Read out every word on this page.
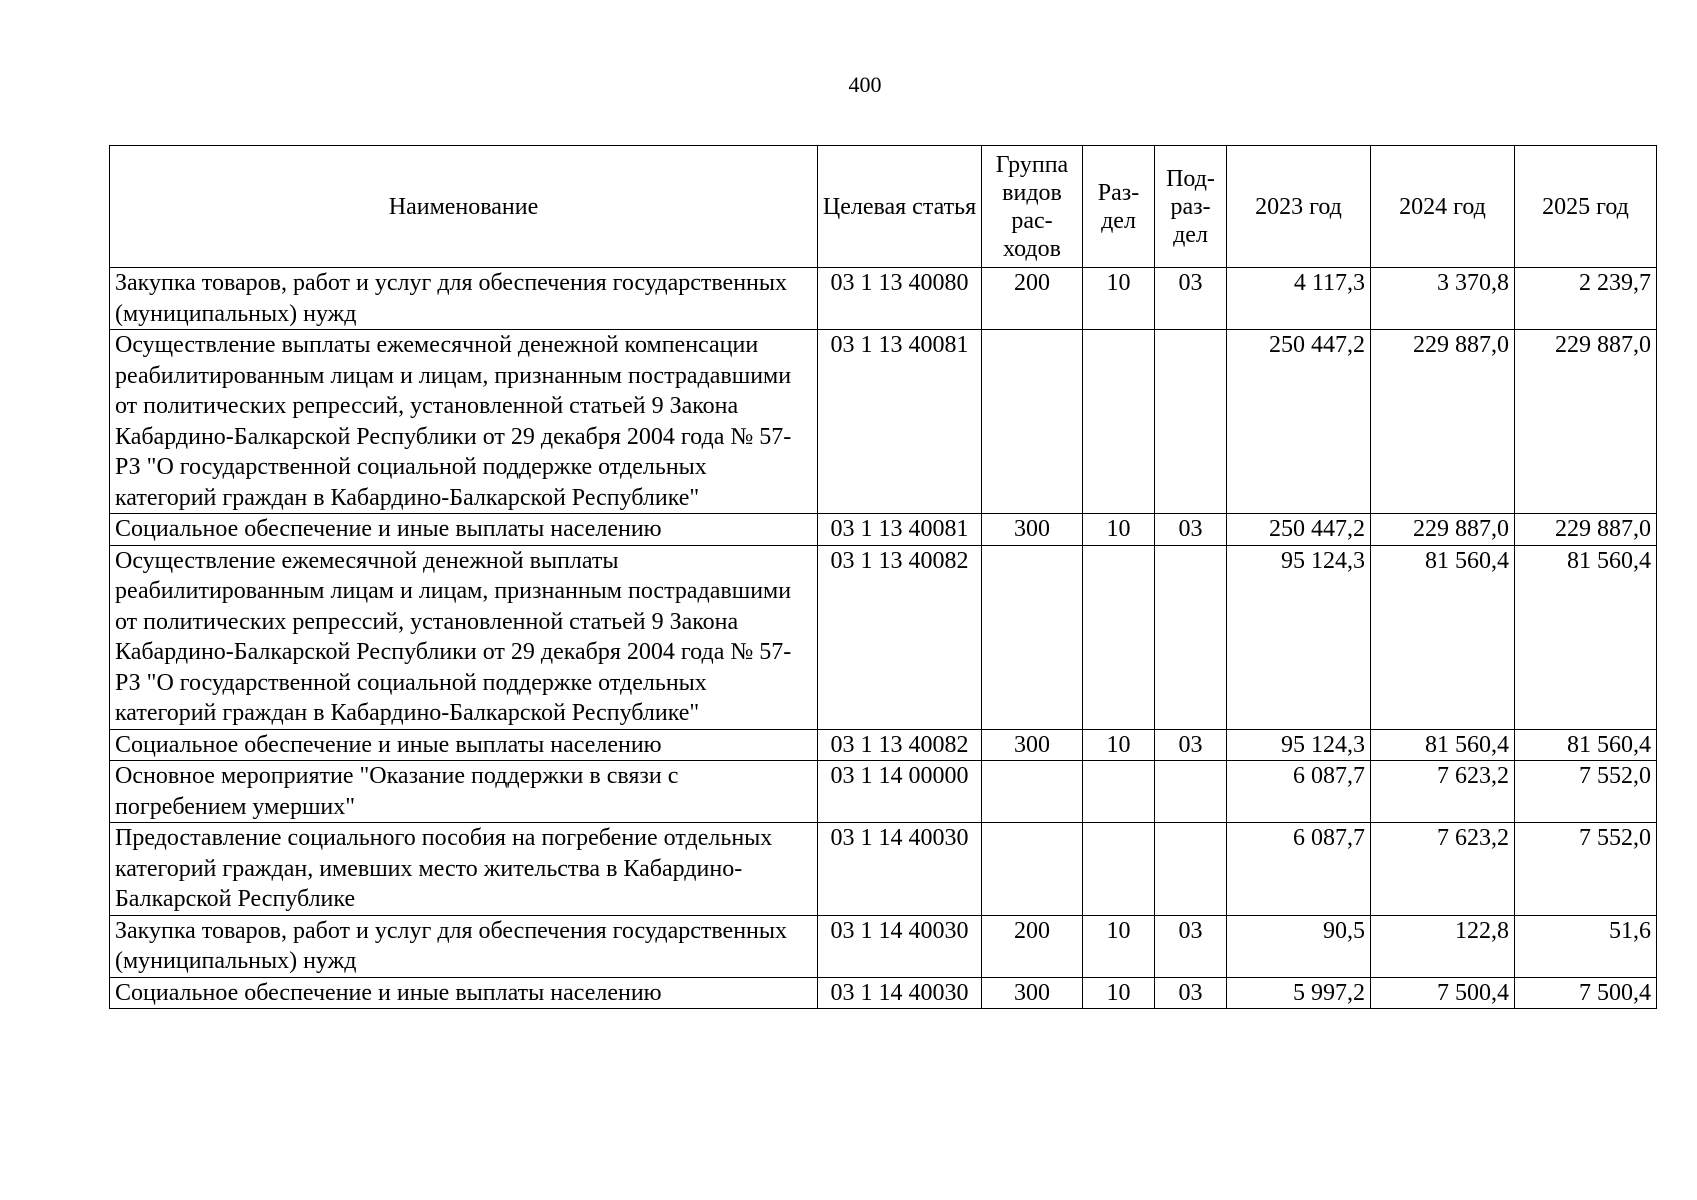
400
Наименование	Целевая статья	Группа видов рас-ходов	Раз-дел	Под-раз-дел	2023 год	2024 год	2025 год
Закупка товаров, работ и услуг для обеспечения государственных (муниципальных) нужд	03 1 13 40080	200	10	03	4 117,3	3 370,8	2 239,7
Осуществление выплаты ежемесячной денежной компенсации реабилитированным лицам и лицам, признанным пострадавшими от политических репрессий, установленной статьей 9 Закона Кабардино-Балкарской Республики от 29 декабря 2004 года № 57-РЗ "О государственной социальной поддержке отдельных категорий граждан в Кабардино-Балкарской Республике"	03 1 13 40081				250 447,2	229 887,0	229 887,0
Социальное обеспечение и иные выплаты населению	03 1 13 40081	300	10	03	250 447,2	229 887,0	229 887,0
Осуществление ежемесячной денежной выплаты реабилитированным лицам и лицам, признанным пострадавшими от политических репрессий, установленной статьей 9 Закона Кабардино-Балкарской Республики от 29 декабря 2004 года № 57-РЗ "О государственной социальной поддержке отдельных категорий граждан в Кабардино-Балкарской Республике"	03 1 13 40082				95 124,3	81 560,4	81 560,4
Социальное обеспечение и иные выплаты населению	03 1 13 40082	300	10	03	95 124,3	81 560,4	81 560,4
Основное мероприятие "Оказание поддержки в связи с погребением умерших"	03 1 14 00000				6 087,7	7 623,2	7 552,0
Предоставление социального пособия на погребение отдельных категорий граждан, имевших место жительства в Кабардино-Балкарской Республике	03 1 14 40030				6 087,7	7 623,2	7 552,0
Закупка товаров, работ и услуг для обеспечения государственных (муниципальных) нужд	03 1 14 40030	200	10	03	90,5	122,8	51,6
Социальное обеспечение и иные выплаты населению	03 1 14 40030	300	10	03	5 997,2	7 500,4	7 500,4
